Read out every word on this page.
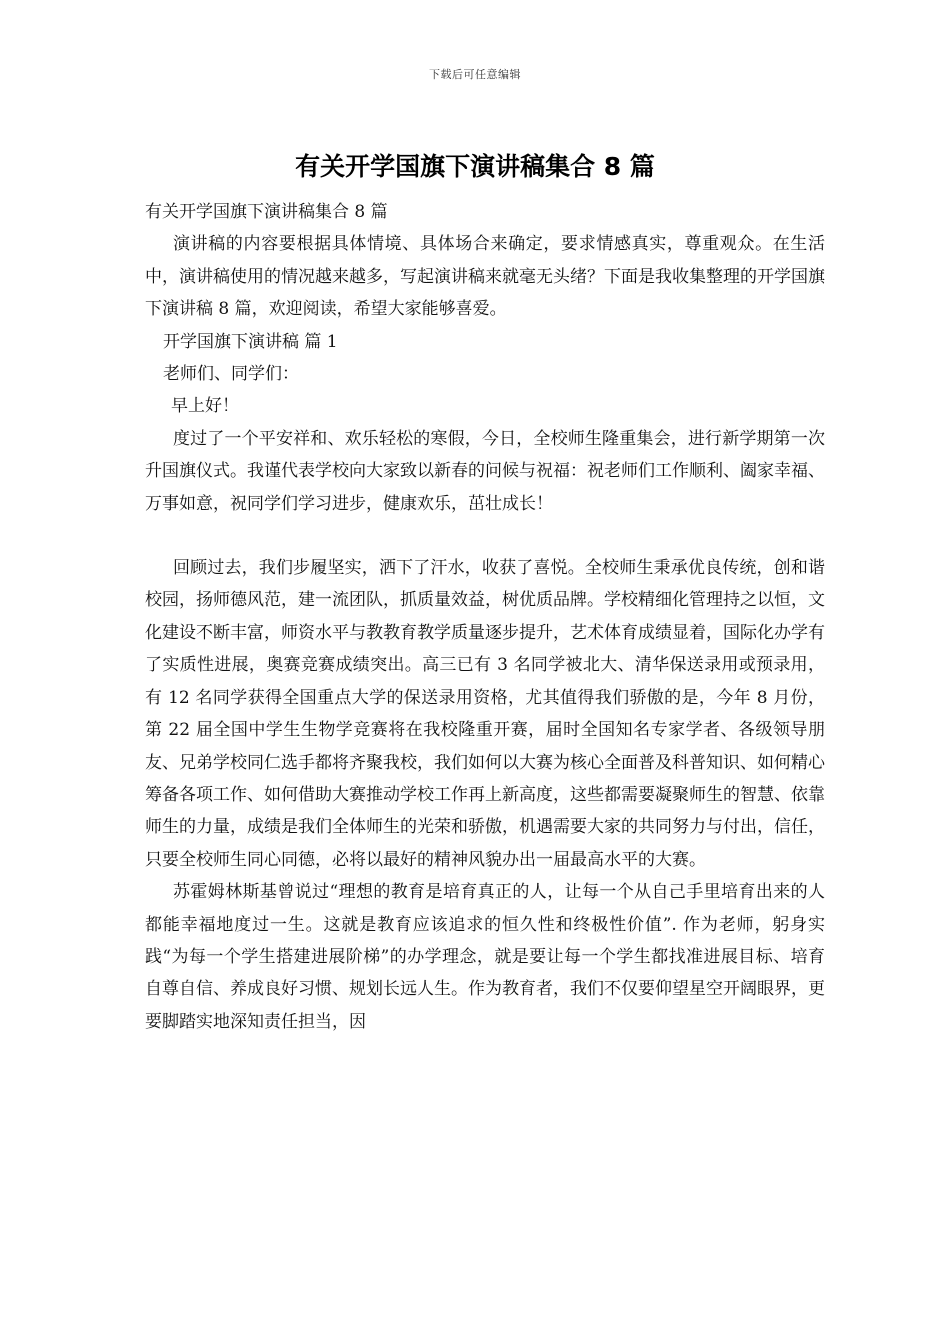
下载后可任意编辑
有关开学国旗下演讲稿集合 8 篇

有关开学国旗下演讲稿集合 8 篇

演讲稿的内容要根据具体情境、具体场合来确定，要求情感真实，尊重观众。在生活中，演讲稿使用的情况越来越多，写起演讲稿来就毫无头绪？下面是我收集整理的开学国旗下演讲稿 8 篇，欢迎阅读，希望大家能够喜爱。

开学国旗下演讲稿 篇 1

老师们、同学们：

早上好！

度过了一个平安祥和、欢乐轻松的寒假，今日，全校师生隆重集会，进行新学期第一次升国旗仪式。我谨代表学校向大家致以新春的问候与祝福：祝老师们工作顺利、阖家幸福、万事如意，祝同学们学习进步，健康欢乐，茁壮成长！

回顾过去，我们步履坚实，洒下了汗水，收获了喜悦。全校师生秉承优良传统，创和谐校园，扬师德风范，建一流团队，抓质量效益，树优质品牌。学校精细化管理持之以恒，文化建设不断丰富，师资水平与教教育教学质量逐步提升，艺术体育成绩显着，国际化办学有了实质性进展，奥赛竞赛成绩突出。高三已有 3 名同学被北大、清华保送录用或预录用，有 12 名同学获得全国重点大学的保送录用资格，尤其值得我们骄傲的是，今年 8 月份，第 22 届全国中学生生物学竞赛将在我校隆重开赛，届时全国知名专家学者、各级领导朋友、兄弟学校同仁选手都将齐聚我校，我们如何以大赛为核心全面普及科普知识、如何精心筹备各项工作、如何借助大赛推动学校工作再上新高度，这些都需要凝聚师生的智慧、依靠师生的力量，成绩是我们全体师生的光荣和骄傲，机遇需要大家的共同努力与付出，信任，只要全校师生同心同德，必将以最好的精神风貌办出一届最高水平的大赛。

苏霍姆林斯基曾说过“理想的教育是培育真正的人，让每一个从自己手里培育出来的人都能幸福地度过一生。这就是教育应该追求的恒久性和终极性价值”. 作为老师，躬身实践“为每一个学生搭建进展阶梯”的办学理念，就是要让每一个学生都找准进展目标、培育自尊自信、养成良好习惯、规划长远人生。作为教育者，我们不仅要仰望星空开阔眼界，更要脚踏实地深知责任担当，因
